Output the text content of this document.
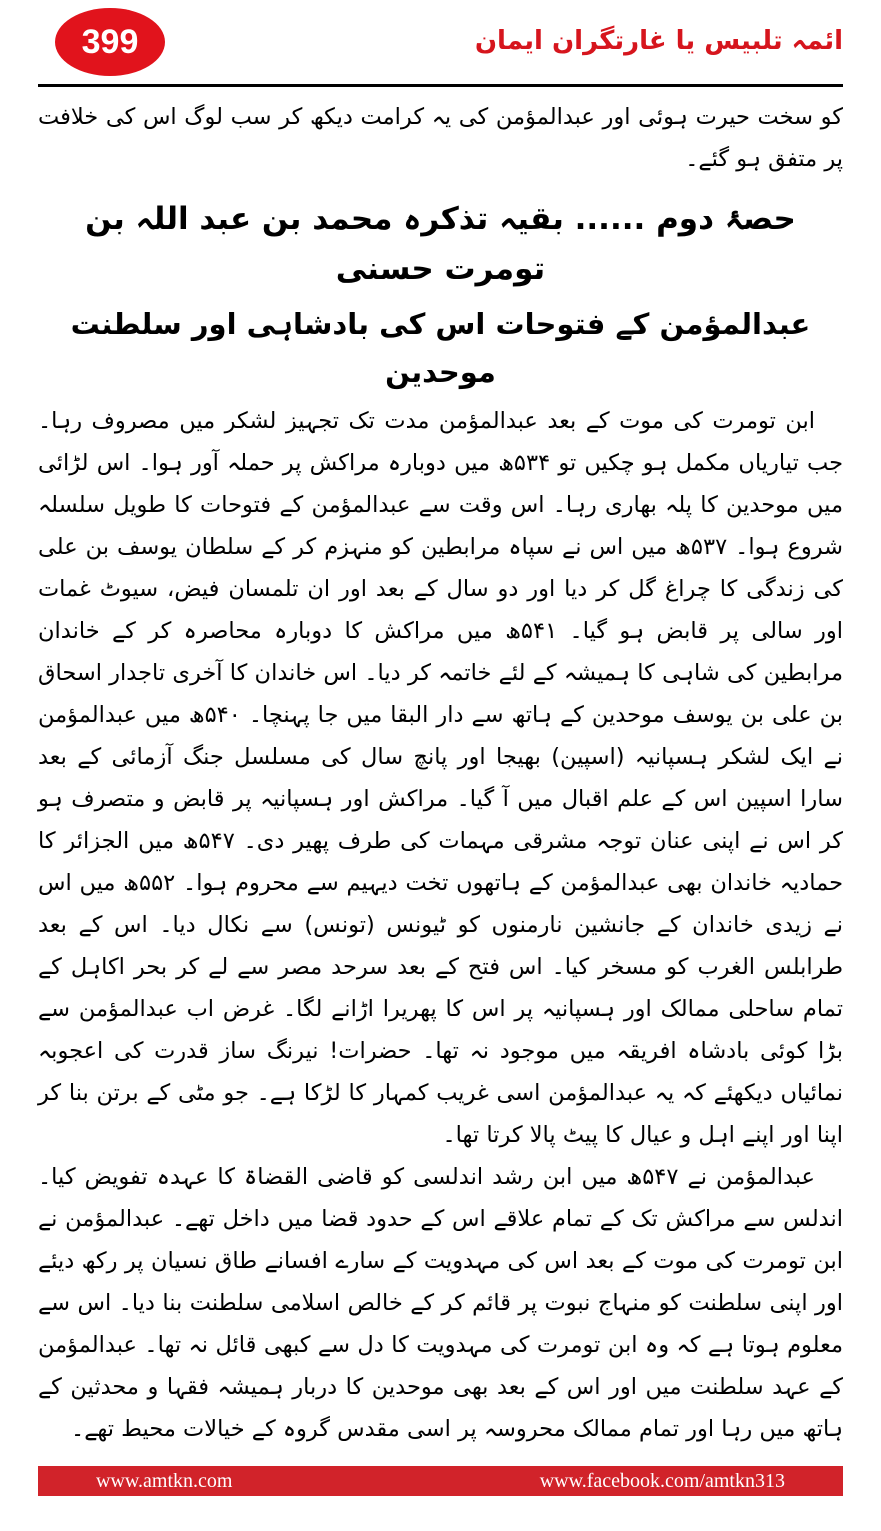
399	ائمہ تلبیس یا غارتگران ایمان

کو سخت حیرت ہوئی اور عبدالمؤمن کی یہ کرامت دیکھ کر سب لوگ اس کی خلافت پر متفق ہو گئے۔

حصۂ دوم ...... بقیہ تذکرہ محمد بن عبد اللہ بن تومرت حسنی
عبدالمؤمن کے فتوحات اس کی بادشاہی اور سلطنت موحدین

ابن تومرت کی موت کے بعد عبدالمؤمن مدت تک تجہیز لشکر میں مصروف رہا۔ جب تیاریاں مکمل ہو چکیں تو ۵۳۴ھ میں دوبارہ مراکش پر حملہ آور ہوا۔ اس لڑائی میں موحدین کا پلہ بھاری رہا۔ اس وقت سے عبدالمؤمن کے فتوحات کا طویل سلسلہ شروع ہوا۔ ۵۳۷ھ میں اس نے سپاہ مرابطین کو منہزم کر کے سلطان یوسف بن علی کی زندگی کا چراغ گل کر دیا اور دو سال کے بعد اور ان تلمسان فیض، سیوٹ غمات اور سالی پر قابض ہو گیا۔ ۵۴۱ھ میں مراکش کا دوبارہ محاصرہ کر کے خاندان مرابطین کی شاہی کا ہمیشہ کے لئے خاتمہ کر دیا۔ اس خاندان کا آخری تاجدار اسحاق بن علی بن یوسف موحدین کے ہاتھ سے دار البقا میں جا پہنچا۔ ۵۴۰ھ میں عبدالمؤمن نے ایک لشکر ہسپانیہ (اسپین) بھیجا اور پانچ سال کی مسلسل جنگ آزمائی کے بعد سارا اسپین اس کے علم اقبال میں آ گیا۔ مراکش اور ہسپانیہ پر قابض و متصرف ہو کر اس نے اپنی عنان توجہ مشرقی مہمات کی طرف پھیر دی۔ ۵۴۷ھ میں الجزائر کا حمادیہ خاندان بھی عبدالمؤمن کے ہاتھوں تخت دیہیم سے محروم ہوا۔ ۵۵۲ھ میں اس نے زیدی خاندان کے جانشین نارمنوں کو ٹیونس (تونس) سے نکال دیا۔ اس کے بعد طرابلس الغرب کو مسخر کیا۔ اس فتح کے بعد سرحد مصر سے لے کر بحر اکاہل کے تمام ساحلی ممالک اور ہسپانیہ پر اس کا پھریرا اڑانے لگا۔ غرض اب عبدالمؤمن سے بڑا کوئی بادشاہ افریقہ میں موجود نہ تھا۔ حضرات! نیرنگ ساز قدرت کی اعجوبہ نمائیاں دیکھئے کہ یہ عبدالمؤمن اسی غریب کمہار کا لڑکا ہے۔ جو مٹی کے برتن بنا کر اپنا اور اپنے اہل و عیال کا پیٹ پالا کرتا تھا۔

عبدالمؤمن نے ۵۴۷ھ میں ابن رشد اندلسی کو قاضی القضاۃ کا عہدہ تفویض کیا۔ اندلس سے مراکش تک کے تمام علاقے اس کے حدود قضا میں داخل تھے۔ عبدالمؤمن نے ابن تومرت کی موت کے بعد اس کی مہدویت کے سارے افسانے طاق نسیان پر رکھ دیئے اور اپنی سلطنت کو منہاج نبوت پر قائم کر کے خالص اسلامی سلطنت بنا دیا۔ اس سے معلوم ہوتا ہے کہ وہ ابن تومرت کی مہدویت کا دل سے کبھی قائل نہ تھا۔ عبدالمؤمن کے عہد سلطنت میں اور اس کے بعد بھی موحدین کا دربار ہمیشہ فقہا و محدثین کے ہاتھ میں رہا اور تمام ممالک محروسہ پر اسی مقدس گروہ کے خیالات محیط تھے۔

www.amtkn.com	www.facebook.com/amtkn313
